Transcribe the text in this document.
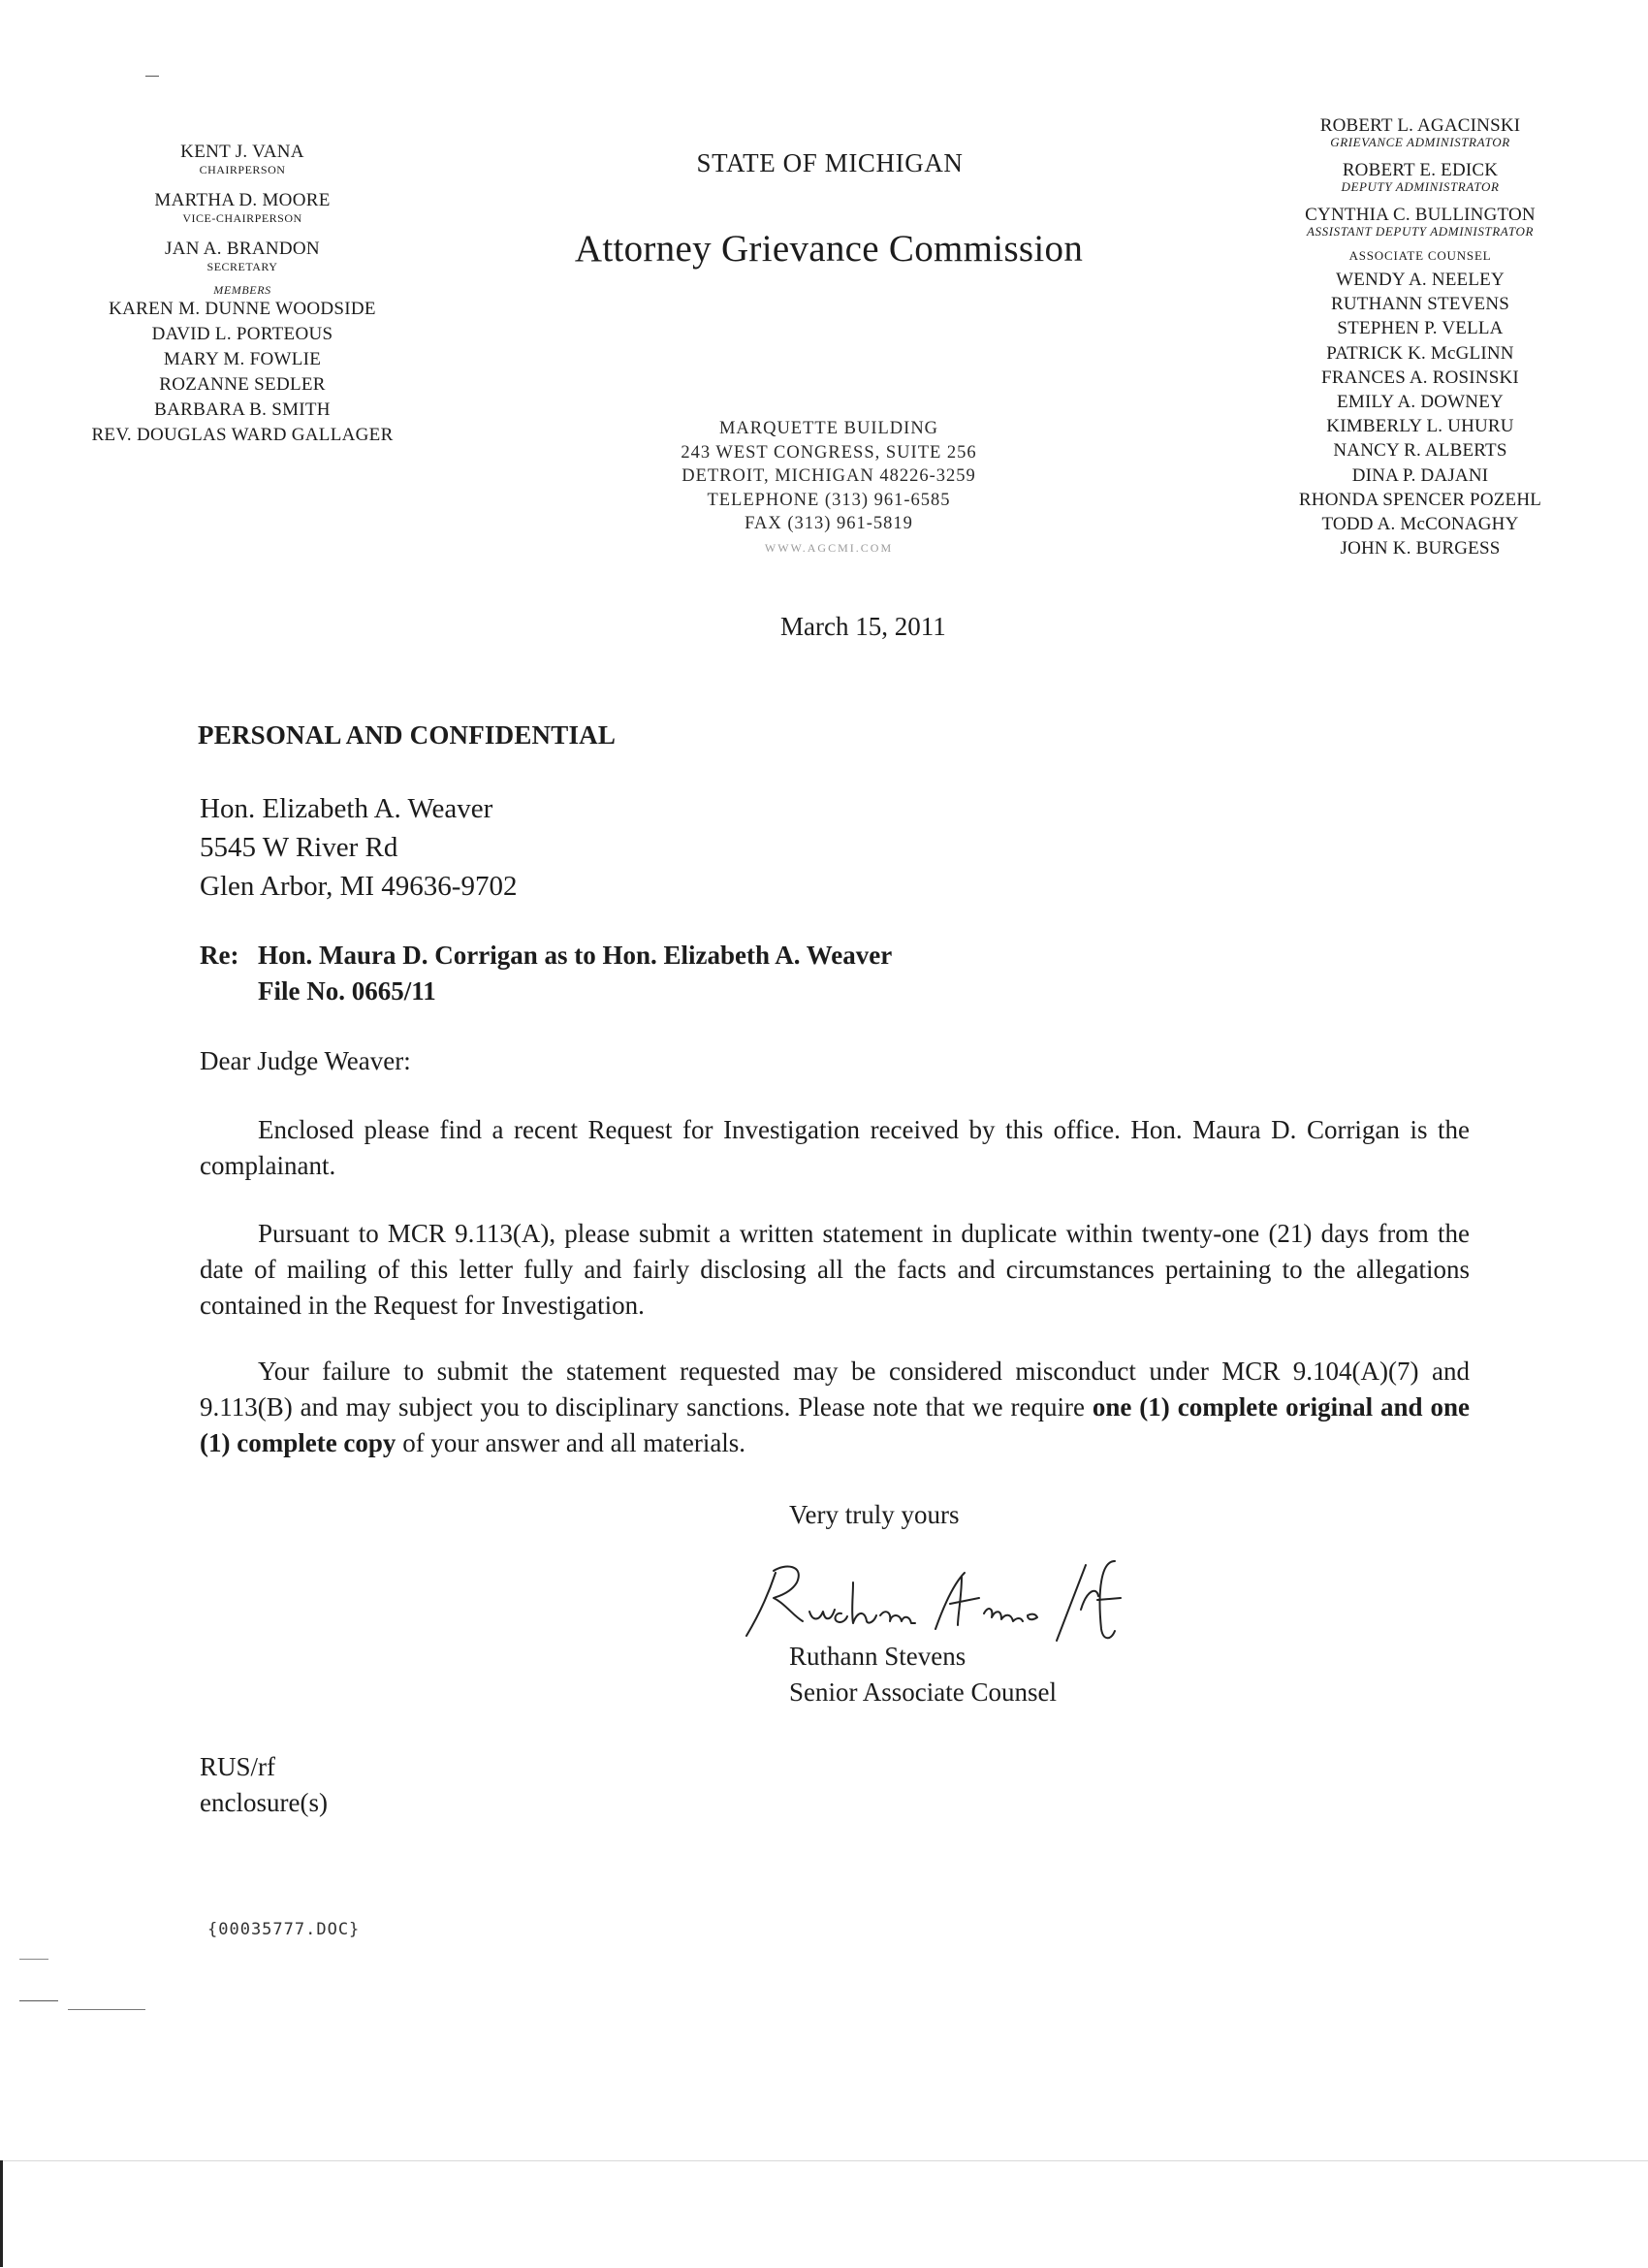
KENT J. VANA
CHAIRPERSON
MARTHA D. MOORE
VICE-CHAIRPERSON
JAN A. BRANDON
SECRETARY
MEMBERS
KAREN M. DUNNE WOODSIDE
DAVID L. PORTEOUS
MARY M. FOWLIE
ROZANNE SEDLER
BARBARA B. SMITH
REV. DOUGLAS WARD GALLAGER
STATE OF MICHIGAN
Attorney Grievance Commission
MARQUETTE BUILDING
243 WEST CONGRESS, SUITE 256
DETROIT, MICHIGAN 48226-3259
TELEPHONE (313) 961-6585
FAX (313) 961-5819
WWW.AGCMI.COM
ROBERT L. AGACINSKI
GRIEVANCE ADMINISTRATOR
ROBERT E. EDICK
DEPUTY ADMINISTRATOR
CYNTHIA C. BULLINGTON
ASSISTANT DEPUTY ADMINISTRATOR
ASSOCIATE COUNSEL
WENDY A. NEELEY
RUTHANN STEVENS
STEPHEN P. VELLA
PATRICK K. McGLINN
FRANCES A. ROSINSKI
EMILY A. DOWNEY
KIMBERLY L. UHURU
NANCY R. ALBERTS
DINA P. DAJANI
RHONDA SPENCER POZEHL
TODD A. McCONAGHY
JOHN K. BURGESS
March 15, 2011
PERSONAL AND CONFIDENTIAL
Hon. Elizabeth A. Weaver
5545 W River Rd
Glen Arbor, MI 49636-9702
Re: Hon. Maura D. Corrigan as to Hon. Elizabeth A. Weaver
File No. 0665/11
Dear Judge Weaver:
Enclosed please find a recent Request for Investigation received by this office. Hon. Maura D. Corrigan is the complainant.
Pursuant to MCR 9.113(A), please submit a written statement in duplicate within twenty-one (21) days from the date of mailing of this letter fully and fairly disclosing all the facts and circumstances pertaining to the allegations contained in the Request for Investigation.
Your failure to submit the statement requested may be considered misconduct under MCR 9.104(A)(7) and 9.113(B) and may subject you to disciplinary sanctions. Please note that we require one (1) complete original and one (1) complete copy of your answer and all materials.
Very truly yours
Ruthann Stevens
Senior Associate Counsel
RUS/rf
enclosure(s)
{00035777.DOC}
